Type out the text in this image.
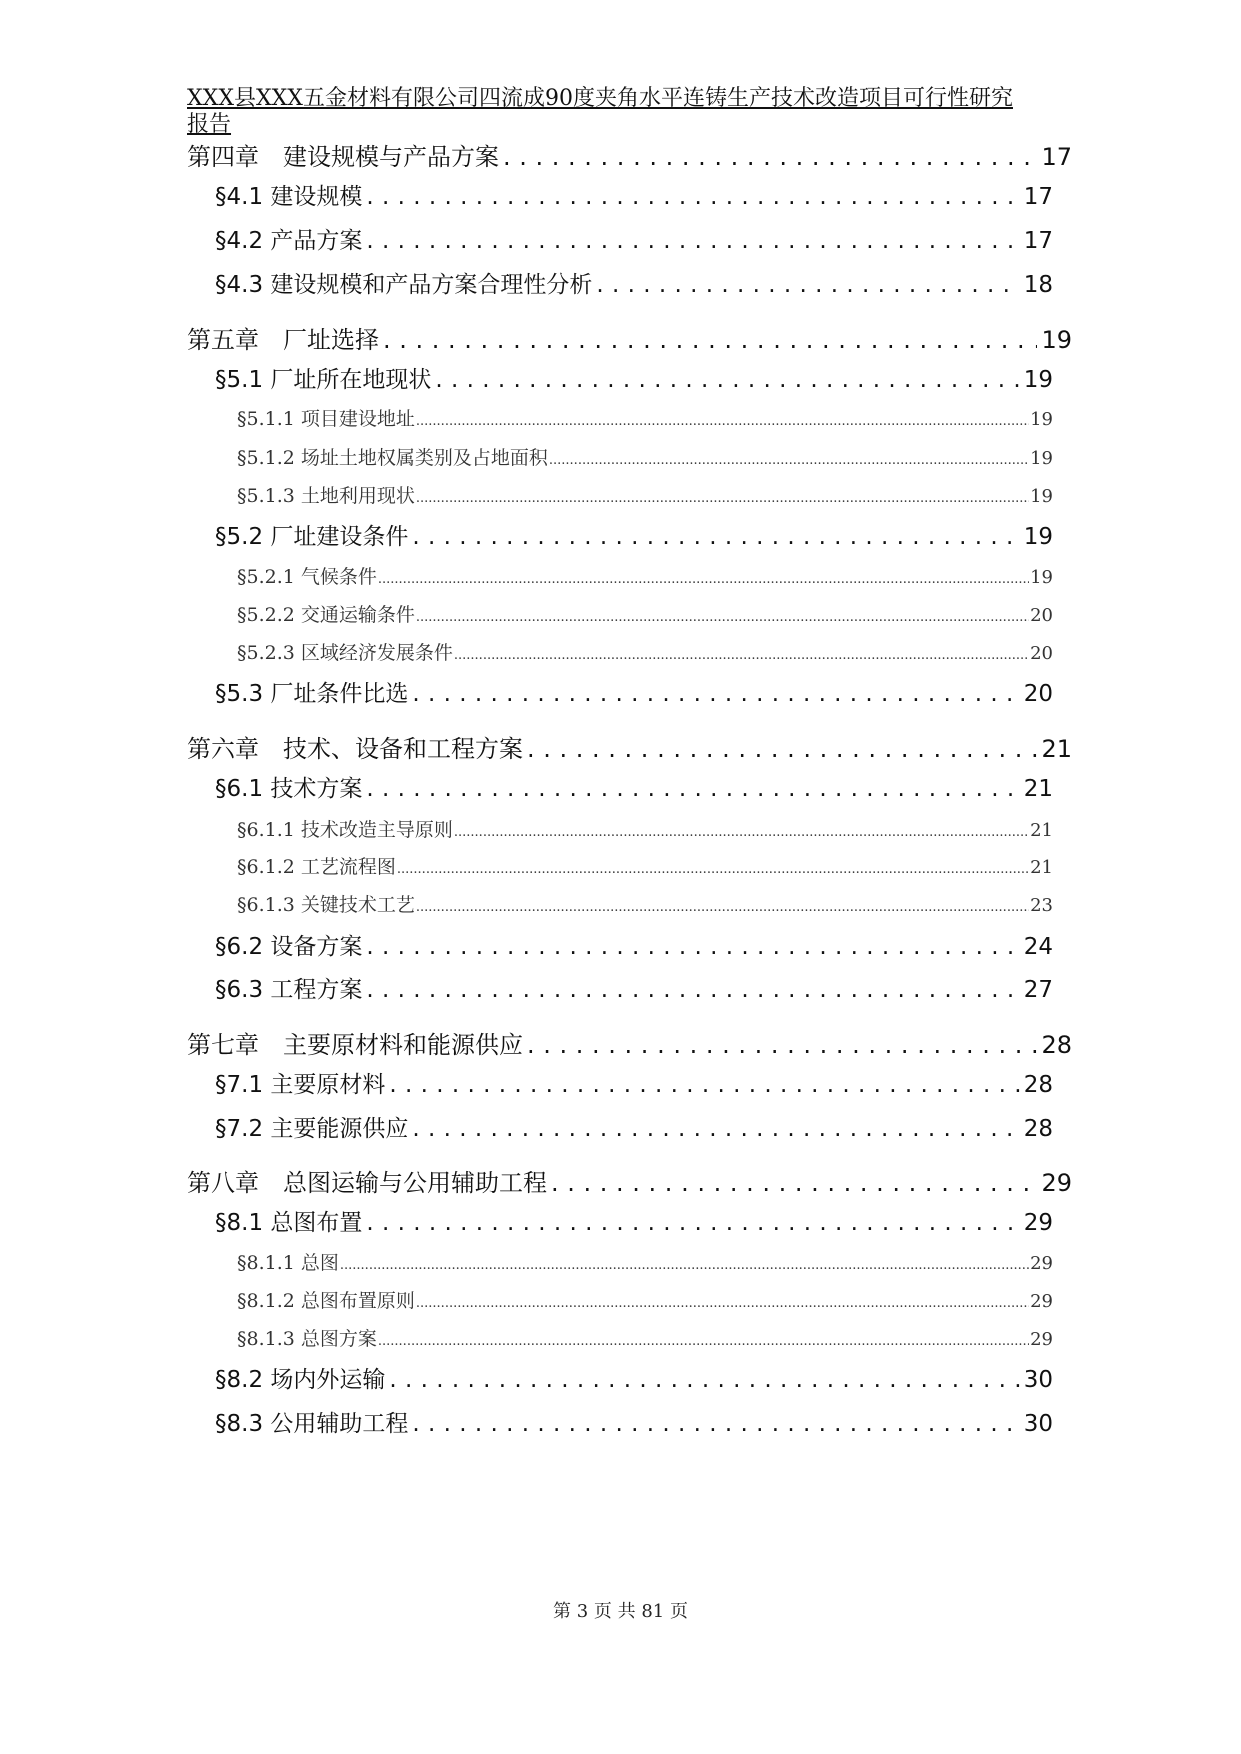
XXX县XXX五金材料有限公司四流成90度夹角水平连铸生产技术改造项目可行性研究
报告
第四章　建设规模与产品方案 . . .	17
§4.1 建设规模 . . .	17
§4.2 产品方案 . . .	17
§4.3 建设规模和产品方案合理性分析 . . .	18
第五章　厂址选择 . . .	19
§5.1 厂址所在地现状 . . .	19
§5.1.1 项目建设地址 .....	19
§5.1.2 场址土地权属类别及占地面积 .....	19
§5.1.3 土地利用现状 .....	19
§5.2 厂址建设条件 . . .	19
§5.2.1 气候条件 .....	19
§5.2.2 交通运输条件 .....	20
§5.2.3 区域经济发展条件 .....	20
§5.3 厂址条件比选 . . .	20
第六章　技术、设备和工程方案 . . .	21
§6.1 技术方案 . . .	21
§6.1.1 技术改造主导原则 .....	21
§6.1.2 工艺流程图 .....	21
§6.1.3 关键技术工艺 .....	23
§6.2 设备方案 . . .	24
§6.3 工程方案 . . .	27
第七章　主要原材料和能源供应 . . .	28
§7.1 主要原材料 . . .	28
§7.2 主要能源供应 . . .	28
第八章　总图运输与公用辅助工程 . . .	29
§8.1 总图布置 . . .	29
§8.1.1 总图 .....	29
§8.1.2 总图布置原则 .....	29
§8.1.3 总图方案 .....	29
§8.2 场内外运输 . . .	30
§8.3 公用辅助工程 . . .	30
第 3 页 共 81 页
